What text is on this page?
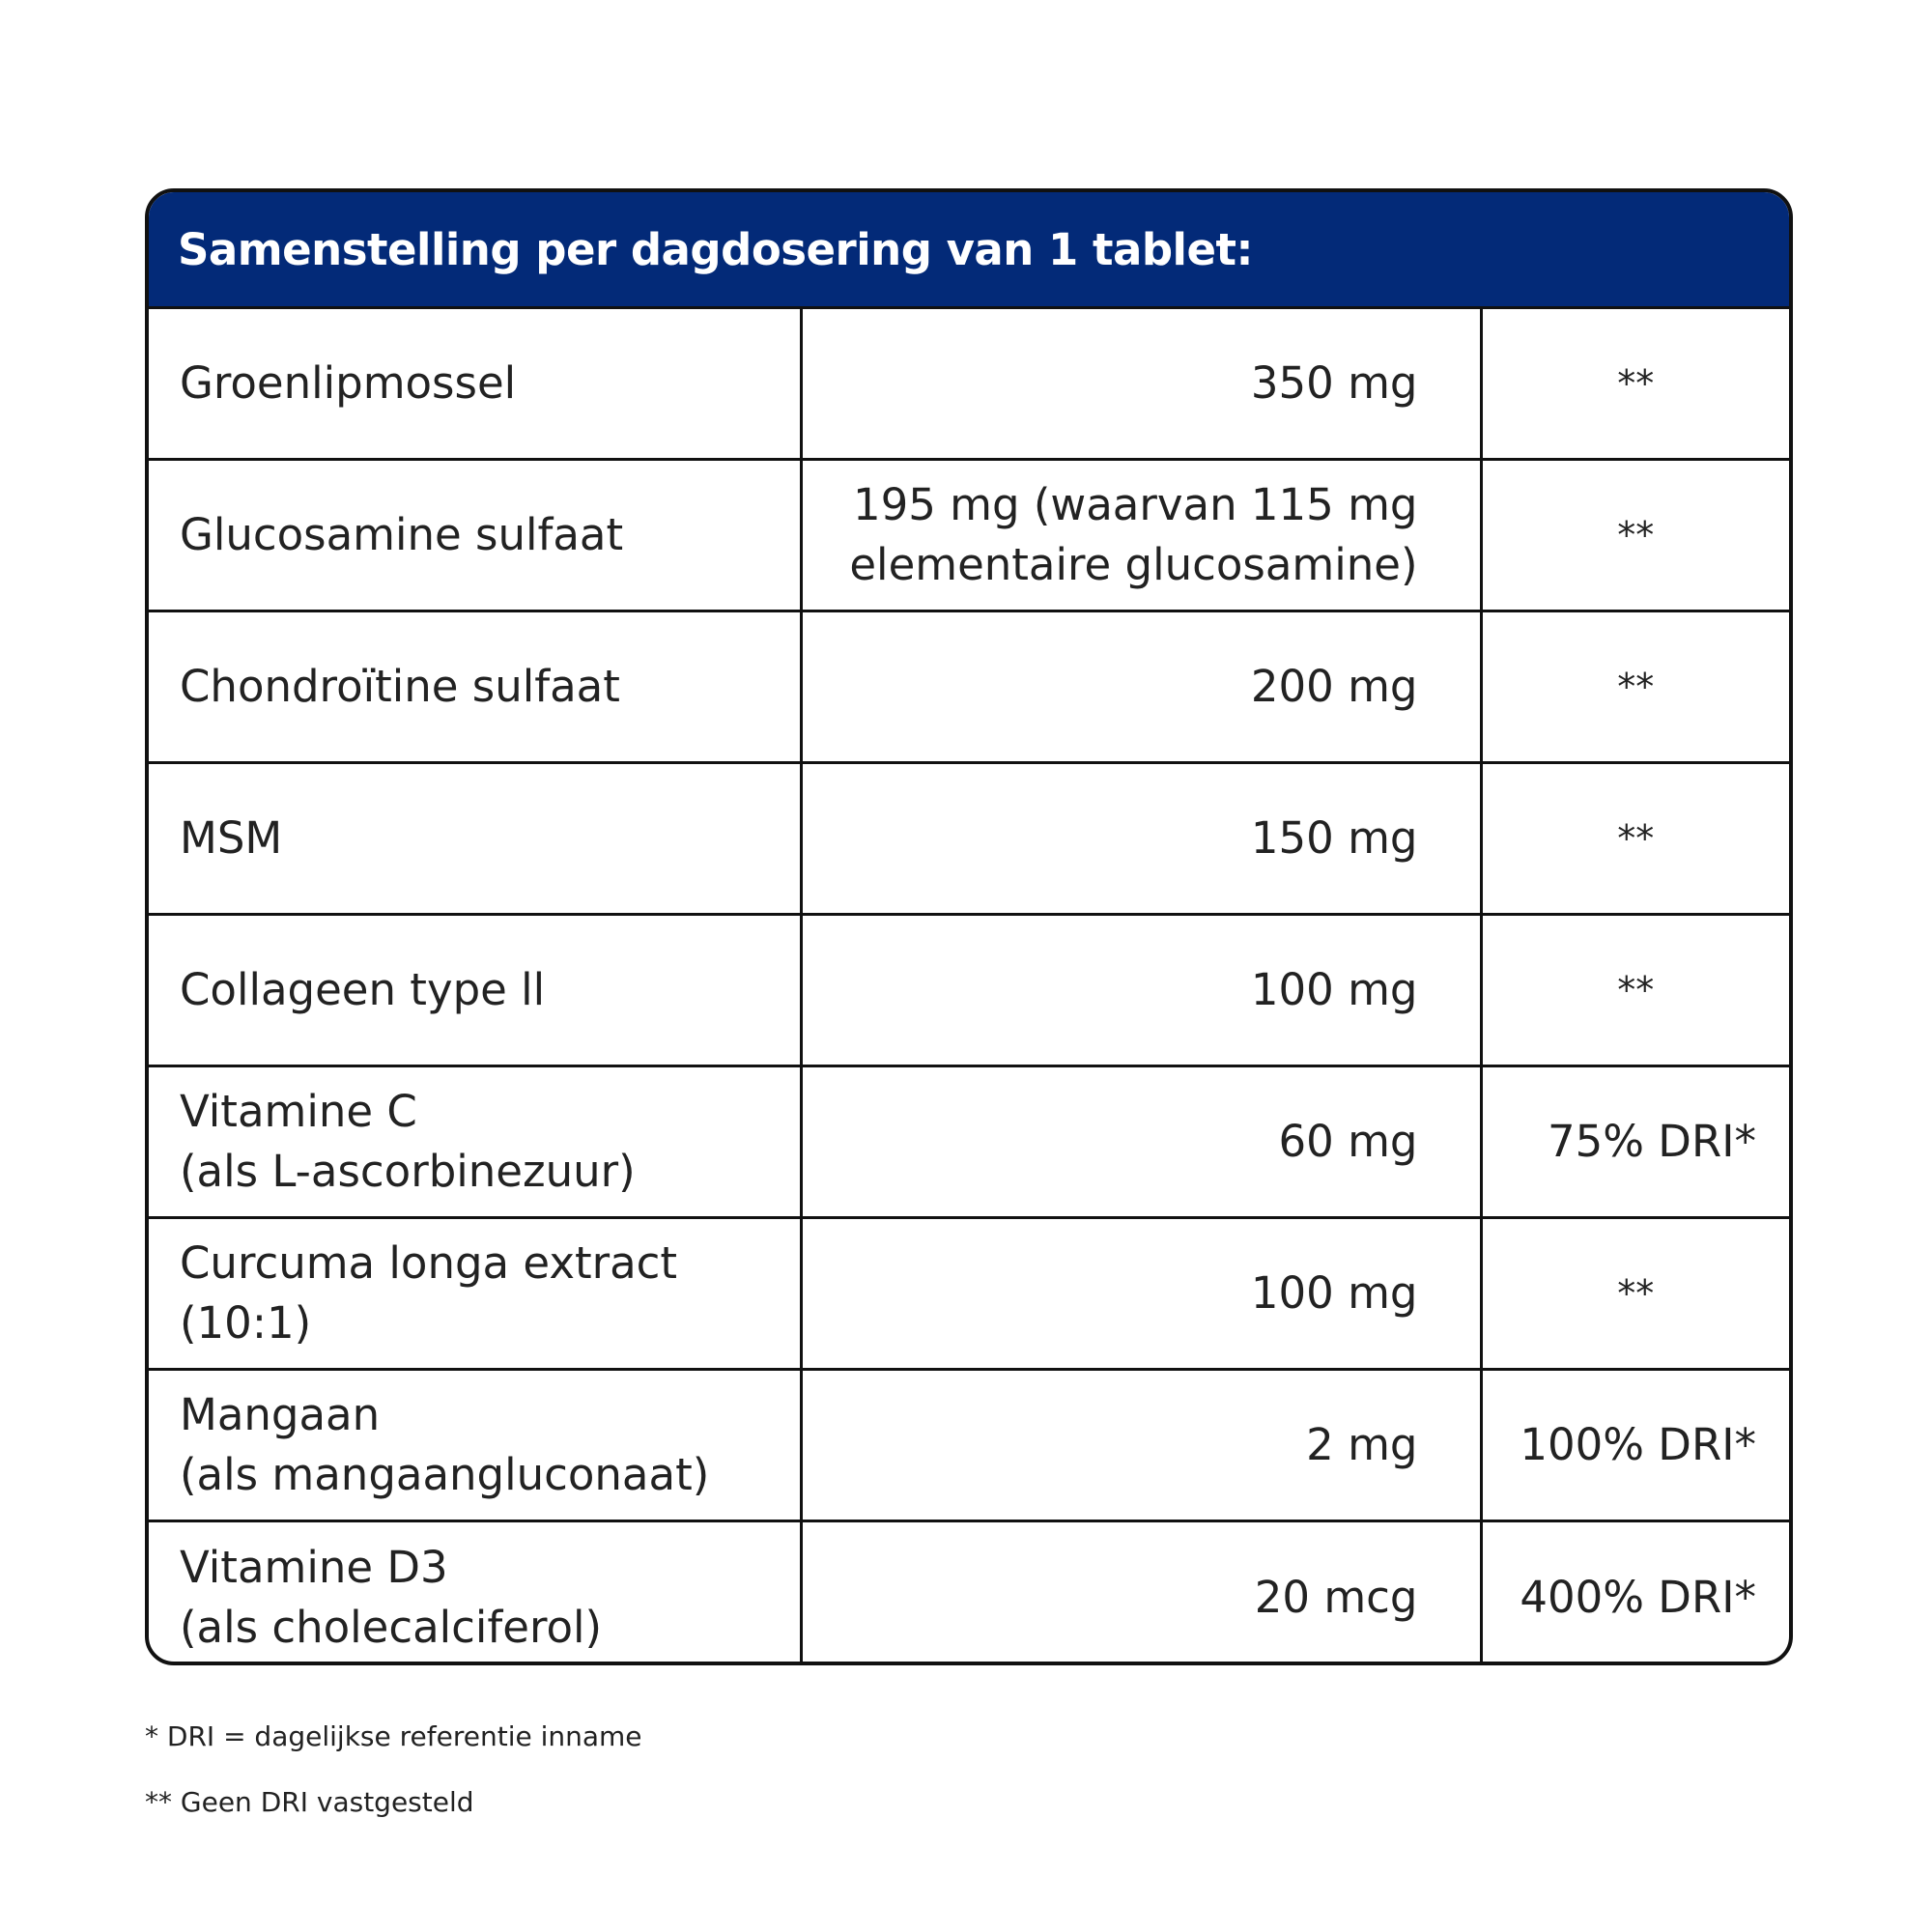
Samenstelling per dagdosering van 1 tablet:
Groenlipmossel	350 mg	**

Glucosamine sulfaat	195 mg (waarvan 115 mg
elementaire glucosamine)	**

Chondroïtine sulfaat	200 mg	**

MSM	150 mg	**

Collageen type ll	100 mg	**

Vitamine C
(als L-ascorbinezuur)	60 mg	75% DRI*

Curcuma longa extract
(10:1)	100 mg	**

Mangaan
(als mangaangluconaat)	2 mg	100% DRI*

Vitamine D3
(als cholecalciferol)	20 mcg	400% DRI*
* DRI = dagelijkse referentie inname
** Geen DRI vastgesteld
